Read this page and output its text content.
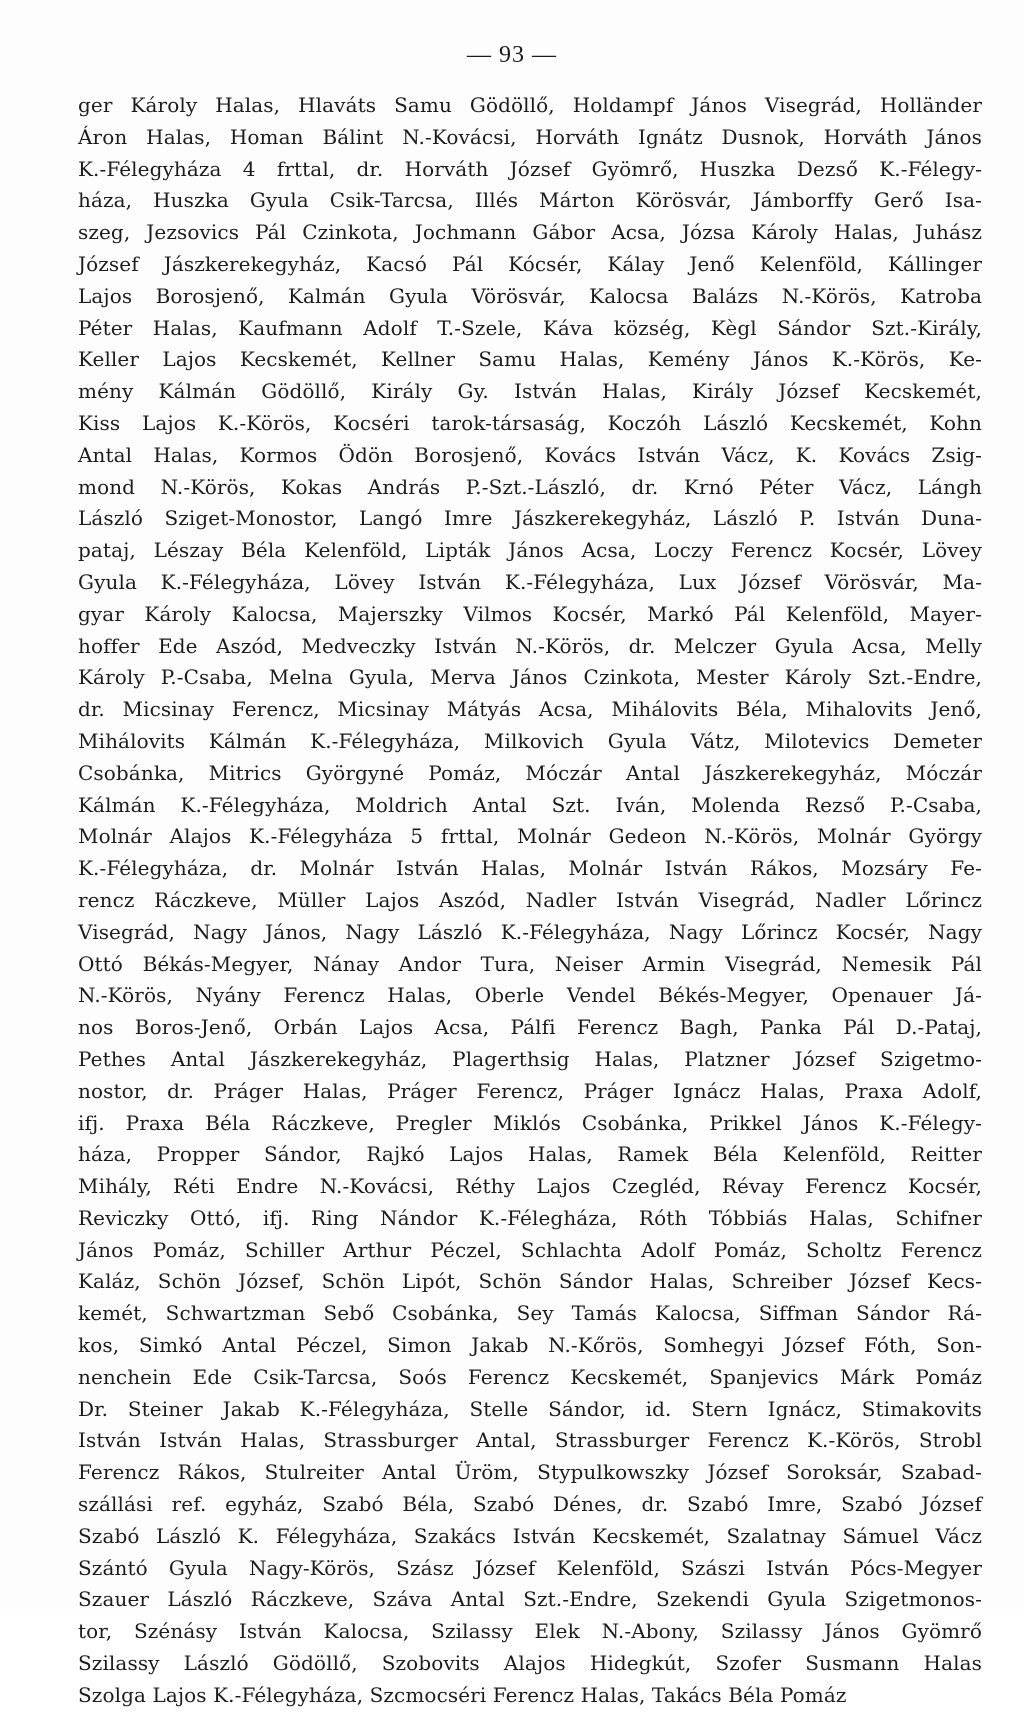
— 93 —
ger Károly Halas, Hlaváts Samu Gödöllő, Holdampf János Visegrád, Holländer
Áron Halas, Homan Bálint N.-Kovácsi, Horváth Ignátz Dusnok, Horváth János
K.-Félegyháza 4 frttal, dr. Horváth József Gyömrő, Huszka Dezső K.-Félegy-
háza, Huszka Gyula Csik-Tarcsa, Illés Márton Körösvár, Jámborffy Gerő Isa-
szeg, Jezsovics Pál Czinkota, Jochmann Gábor Acsa, Józsa Károly Halas, Juhász
József Jászkerekegyház, Kacsó Pál Kócsér, Kálay Jenő Kelenföld, Kállinger
Lajos Borosjenő, Kalmán Gyula Vörösvár, Kalocsa Balázs N.-Körös, Katroba
Péter Halas, Kaufmann Adolf T.-Szele, Káva község, Kègl Sándor Szt.-Király,
Keller Lajos Kecskemét, Kellner Samu Halas, Kemény János K.-Körös, Ke-
mény Kálmán Gödöllő, Király Gy. István Halas, Király József Kecskemét,
Kiss Lajos K.-Körös, Kocséri tarok-társaság, Koczóh László Kecskemét, Kohn
Antal Halas, Kormos Ödön Borosjenő, Kovács István Vácz, K. Kovács Zsig-
mond N.-Körös, Kokas András P.-Szt.-László, dr. Krnó Péter Vácz, Lángh
László Sziget-Monostor, Langó Imre Jászkerekegyház, László P. István Duna-
pataj, Lészay Béla Kelenföld, Lipták János Acsa, Loczy Ferencz Kocsér, Lövey
Gyula K.-Félegyháza, Lövey István K.-Félegyháza, Lux József Vörösvár, Ma-
gyar Károly Kalocsa, Majerszky Vilmos Kocsér, Markó Pál Kelenföld, Mayer-
hoffer Ede Aszód, Medveczky István N.-Körös, dr. Melczer Gyula Acsa, Melly
Károly P.-Csaba, Melna Gyula, Merva János Czinkota, Mester Károly Szt.-Endre,
dr. Micsinay Ferencz, Micsinay Mátyás Acsa, Mihálovits Béla, Mihalovits Jenő,
Mihálovits Kálmán K.-Félegyháza, Milkovich Gyula Vátz, Milotevics Demeter
Csobánka, Mitrics Györgyné Pomáz, Móczár Antal Jászkerekegyház, Móczár
Kálmán K.-Félegyháza, Moldrich Antal Szt. Iván, Molenda Rezső P.-Csaba,
Molnár Alajos K.-Félegyháza 5 frttal, Molnár Gedeon N.-Körös, Molnár György
K.-Félegyháza, dr. Molnár István Halas, Molnár István Rákos, Mozsáry Fe-
rencz Ráczkeve, Müller Lajos Aszód, Nadler István Visegrád, Nadler Lőrincz
Visegrád, Nagy János, Nagy László K.-Félegyháza, Nagy Lőrincz Kocsér, Nagy
Ottó Békás-Megyer, Nánay Andor Tura, Neiser Armin Visegrád, Nemesik Pál
N.-Körös, Nyány Ferencz Halas, Oberle Vendel Békés-Megyer, Openauer Já-
nos Boros-Jenő, Orbán Lajos Acsa, Pálfi Ferencz Bagh, Panka Pál D.-Pataj,
Pethes Antal Jászkerekegyház, Plagerthsig Halas, Platzner József Szigetmo-
nostor, dr. Práger Halas, Práger Ferencz, Práger Ignácz Halas, Praxa Adolf,
ifj. Praxa Béla Ráczkeve, Pregler Miklós Csobánka, Prikkel János K.-Félegy-
háza, Propper Sándor, Rajkó Lajos Halas, Ramek Béla Kelenföld, Reitter
Mihály, Réti Endre N.-Kovácsi, Réthy Lajos Czegléd, Révay Ferencz Kocsér,
Reviczky Ottó, ifj. Ring Nándor K.-Félegháza, Róth Tóbbiás Halas, Schifner
János Pomáz, Schiller Arthur Péczel, Schlachta Adolf Pomáz, Scholtz Ferencz
Kaláz, Schön József, Schön Lipót, Schön Sándor Halas, Schreiber József Kecs-
kemét, Schwartzman Sebő Csobánka, Sey Tamás Kalocsa, Siffman Sándor Rá-
kos, Simkó Antal Péczel, Simon Jakab N.-Kőrös, Somhegyi József Fóth, Son-
nenchein Ede Csik-Tarcsa, Soós Ferencz Kecskemét, Spanjevics Márk Pomáz
Dr. Steiner Jakab K.-Félegyháza, Stelle Sándor, id. Stern Ignácz, Stimakovits
István István Halas, Strassburger Antal, Strassburger Ferencz K.-Körös, Strobl
Ferencz Rákos, Stulreiter Antal Üröm, Stypulkowszky József Soroksár, Szabad-
szállási ref. egyház, Szabó Béla, Szabó Dénes, dr. Szabó Imre, Szabó József
Szabó László K. Félegyháza, Szakács István Kecskemét, Szalatnay Sámuel Vácz
Szántó Gyula Nagy-Körös, Szász József Kelenföld, Szászi István Pócs-Megyer
Szauer László Ráczkeve, Száva Antal Szt.-Endre, Szekendi Gyula Szigetmonos-
tor, Szénásy István Kalocsa, Szilassy Elek N.-Abony, Szilassy János Gyömrő
Szilassy László Gödöllő, Szobovits Alajos Hidegkút, Szofer Susmann Halas
Szolga Lajos K.-Félegyháza, Szcmocséri Ferencz Halas, Takács Béla Pomáz
